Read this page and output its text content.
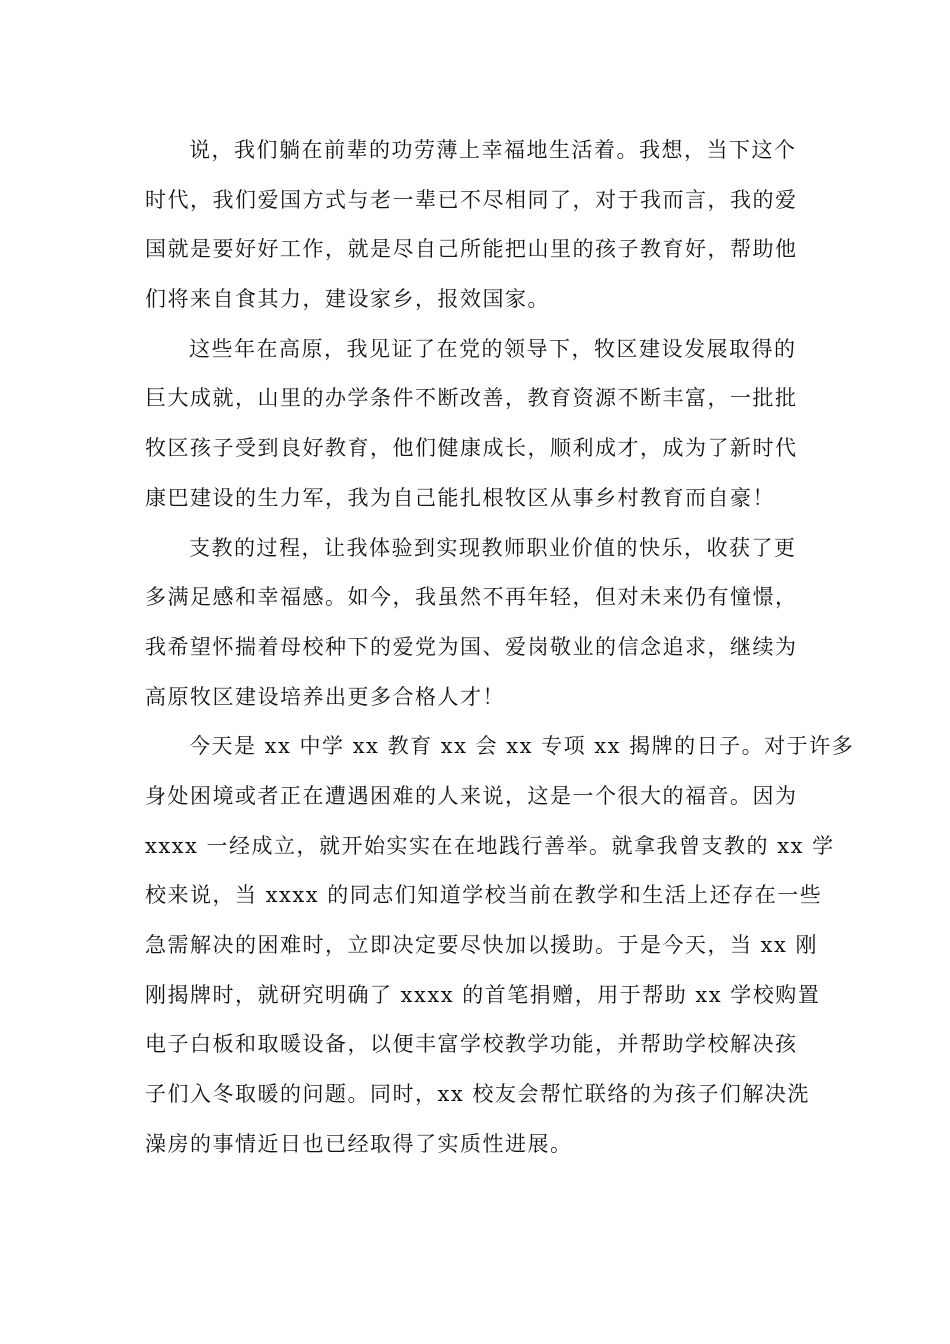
说，我们躺在前辈的功劳薄上幸福地生活着。我想，当下这个
时代，我们爱国方式与老一辈已不尽相同了，对于我而言，我的爱
国就是要好好工作，就是尽自己所能把山里的孩子教育好，帮助他
们将来自食其力，建设家乡，报效国家。
这些年在高原，我见证了在党的领导下，牧区建设发展取得的
巨大成就，山里的办学条件不断改善，教育资源不断丰富，一批批
牧区孩子受到良好教育，他们健康成长，顺利成才，成为了新时代
康巴建设的生力军，我为自己能扎根牧区从事乡村教育而自豪！
支教的过程，让我体验到实现教师职业价值的快乐，收获了更
多满足感和幸福感。如今，我虽然不再年轻，但对未来仍有憧憬，
我希望怀揣着母校种下的爱党为国、爱岗敬业的信念追求，继续为
高原牧区建设培养出更多合格人才！
今天是 xx 中学 xx 教育 xx 会 xx 专项 xx 揭牌的日子。对于许多
身处困境或者正在遭遇困难的人来说，这是一个很大的福音。因为
xxxx 一经成立，就开始实实在在地践行善举。就拿我曾支教的 xx 学
校来说，当 xxxx 的同志们知道学校当前在教学和生活上还存在一些
急需解决的困难时，立即决定要尽快加以援助。于是今天，当 xx 刚
刚揭牌时，就研究明确了 xxxx 的首笔捐赠，用于帮助 xx 学校购置
电子白板和取暖设备，以便丰富学校教学功能，并帮助学校解决孩
子们入冬取暖的问题。同时，xx 校友会帮忙联络的为孩子们解决洗
澡房的事情近日也已经取得了实质性进展。
